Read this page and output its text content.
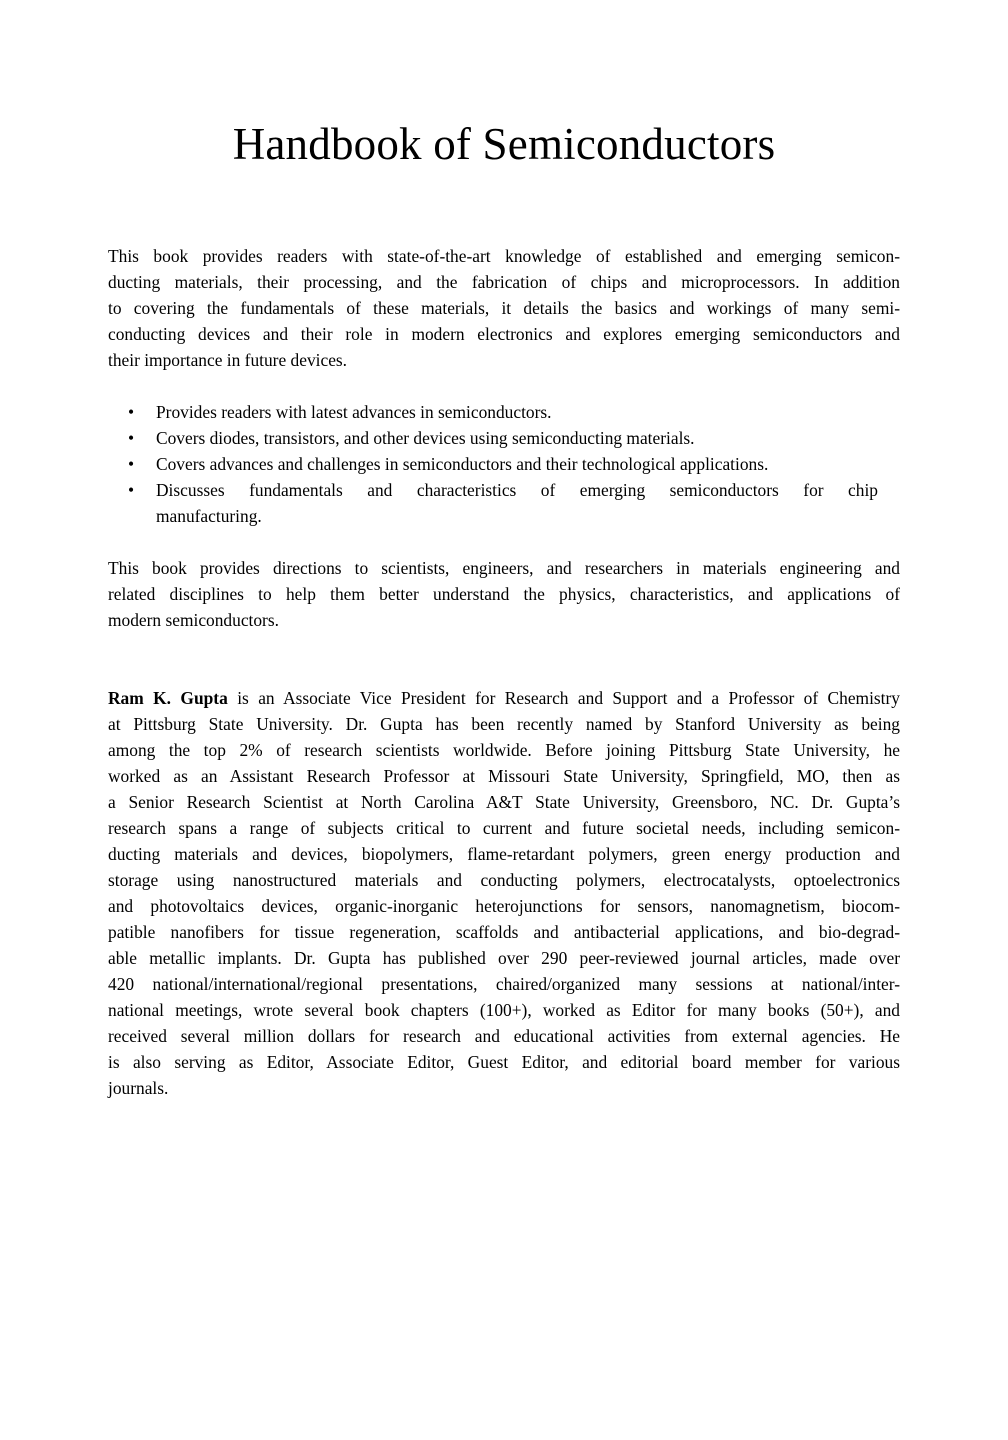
Handbook of Semiconductors
This book provides readers with state-of-the-art knowledge of established and emerging semicon-
ducting materials, their processing, and the fabrication of chips and microprocessors. In addition
to covering the fundamentals of these materials, it details the basics and workings of many semi-
conducting devices and their role in modern electronics and explores emerging semiconductors and
their importance in future devices.
• Provides readers with latest advances in semiconductors.
• Covers diodes, transistors, and other devices using semiconducting materials.
• Covers advances and challenges in semiconductors and their technological applications.
• Discusses fundamentals and characteristics of emerging semiconductors for chip
manufacturing.
This book provides directions to scientists, engineers, and researchers in materials engineering and
related disciplines to help them better understand the physics, characteristics, and applications of
modern semiconductors.
Ram K. Gupta is an Associate Vice President for Research and Support and a Professor of Chemistry
at Pittsburg State University. Dr. Gupta has been recently named by Stanford University as being
among the top 2% of research scientists worldwide. Before joining Pittsburg State University, he
worked as an Assistant Research Professor at Missouri State University, Springfield, MO, then as
a Senior Research Scientist at North Carolina A&T State University, Greensboro, NC. Dr. Gupta’s
research spans a range of subjects critical to current and future societal needs, including semicon-
ducting materials and devices, biopolymers, flame-retardant polymers, green energy production and
storage using nanostructured materials and conducting polymers, electrocatalysts, optoelectronics
and photovoltaics devices, organic-inorganic heterojunctions for sensors, nanomagnetism, biocom-
patible nanofibers for tissue regeneration, scaffolds and antibacterial applications, and bio-degrad-
able metallic implants. Dr. Gupta has published over 290 peer-reviewed journal articles, made over
420 national/international/regional presentations, chaired/organized many sessions at national/inter-
national meetings, wrote several book chapters (100+), worked as Editor for many books (50+), and
received several million dollars for research and educational activities from external agencies. He
is also serving as Editor, Associate Editor, Guest Editor, and editorial board member for various
journals.
